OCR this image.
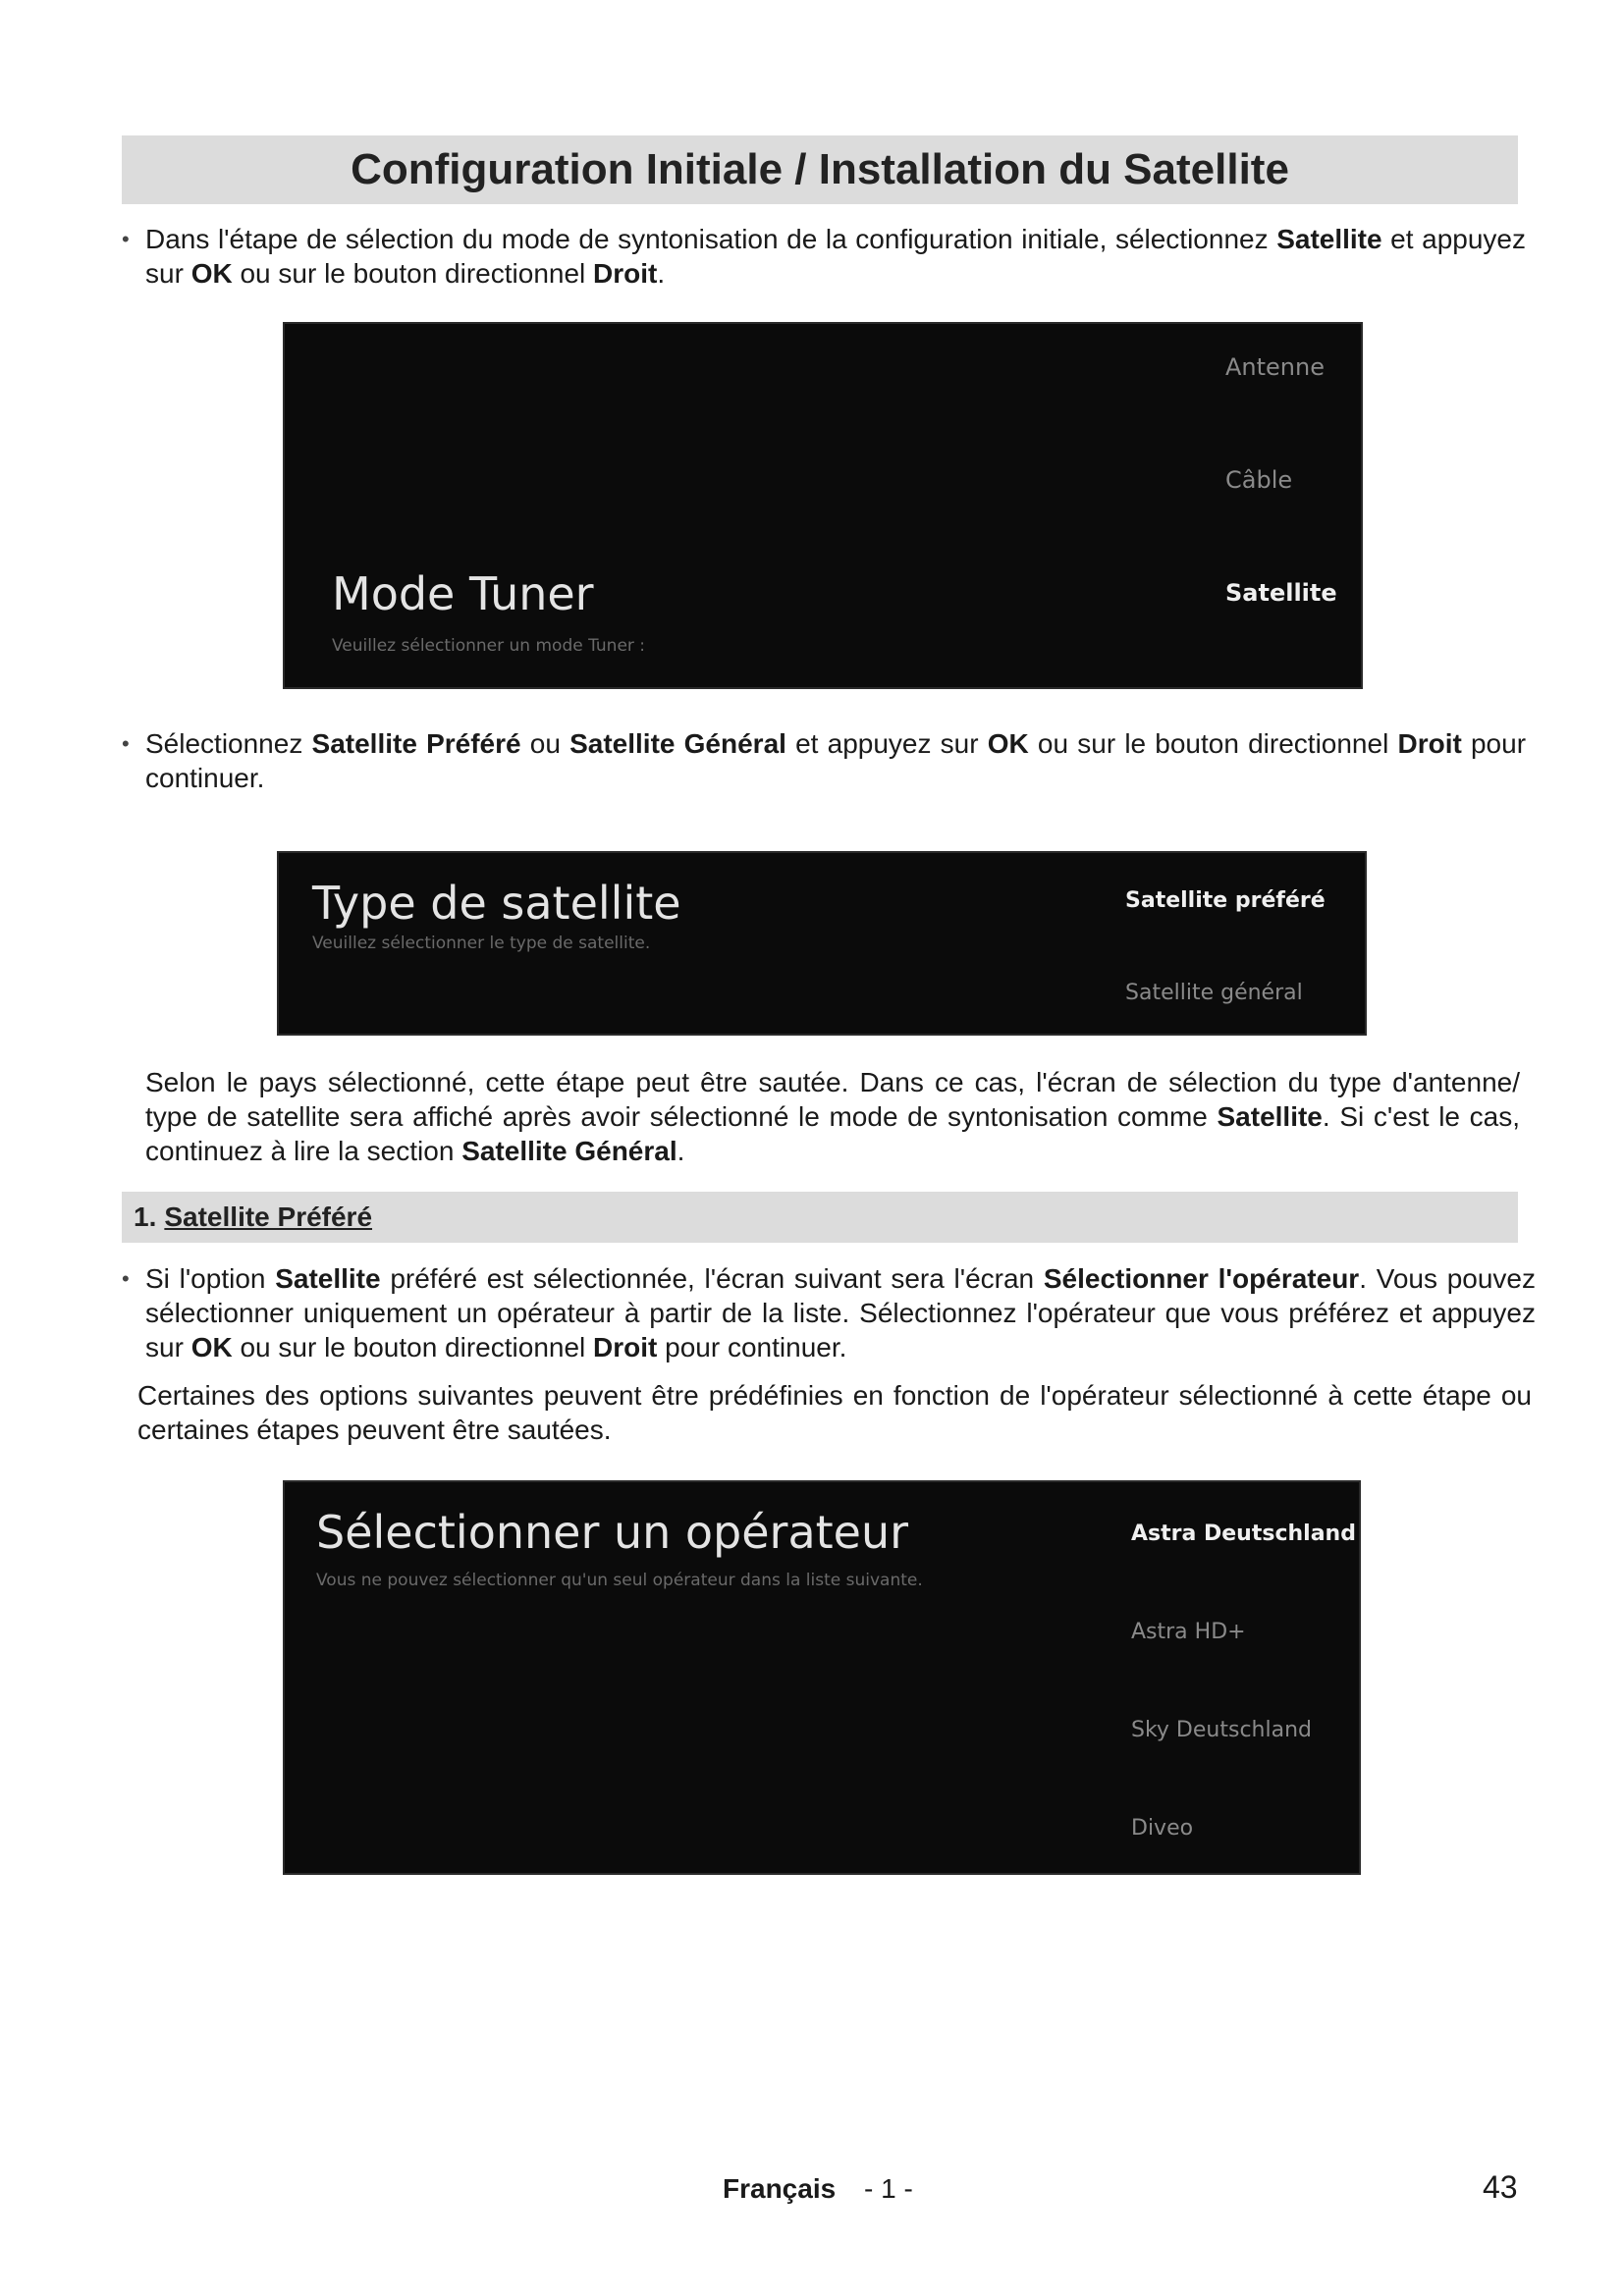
Configuration Initiale / Installation du Satellite
• Dans l'étape de sélection du mode de syntonisation de la configuration initiale, sélectionnez Satellite et appuyez sur OK ou sur le bouton directionnel Droit.
Antenne
Câble
Satellite
Mode Tuner
Veuillez sélectionner un mode Tuner :
• Sélectionnez Satellite Préféré ou Satellite Général et appuyez sur OK ou sur le bouton directionnel Droit pour continuer.
Type de satellite
Veuillez sélectionner le type de satellite.
Satellite préféré
Satellite général
Selon le pays sélectionné, cette étape peut être sautée. Dans ce cas, l'écran de sélection du type d'antenne/ type de satellite sera affiché après avoir sélectionné le mode de syntonisation comme Satellite. Si c'est le cas, continuez à lire la section Satellite Général.
1. Satellite Préféré
• Si l'option Satellite préféré est sélectionnée, l'écran suivant sera l'écran Sélectionner l'opérateur. Vous pouvez sélectionner uniquement un opérateur à partir de la liste. Sélectionnez l'opérateur que vous préférez et appuyez sur OK ou sur le bouton directionnel Droit pour continuer.
Certaines des options suivantes peuvent être prédéfinies en fonction de l'opérateur sélectionné à cette étape ou certaines étapes peuvent être sautées.
Sélectionner un opérateur
Vous ne pouvez sélectionner qu'un seul opérateur dans la liste suivante.
Astra Deutschland
Astra HD+
Sky Deutschland
Diveo
Français - 1 -	43
